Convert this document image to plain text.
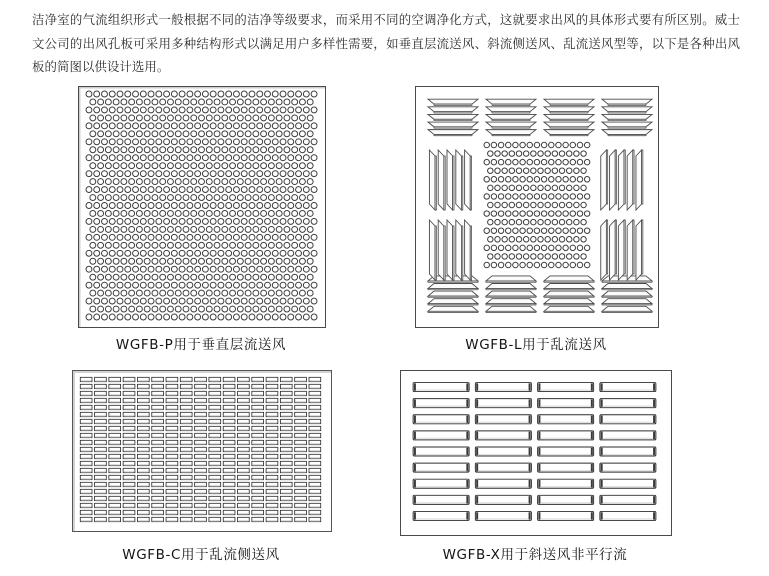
洁净室的气流组织形式一般根据不同的洁净等级要求，而采用不同的空调净化方式，这就要求出风的具体形式要有所区别。威士文公司的出风孔板可采用多种结构形式以满足用户多样性需要，如垂直层流送风、斜流侧送风、乱流送风型等，以下是各种出风板的简图以供设计选用。

WGFB-P用于垂直层流送风	WGFB-L用于乱流送风
WGFB-C用于乱流侧送风	WGFB-X用于斜送风非平行流
